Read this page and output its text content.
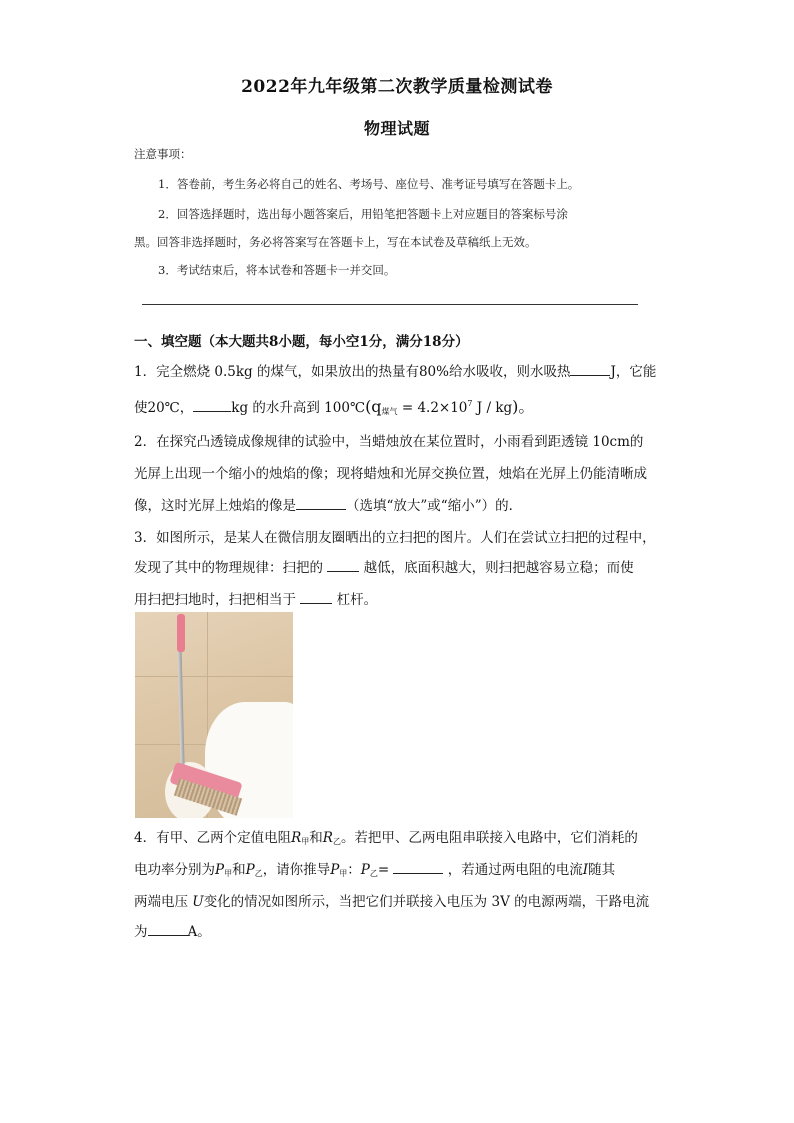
2022年九年级第二次教学质量检测试卷
物理试题
注意事项：
1．答卷前，考生务必将自己的姓名、考场号、座位号、准考证号填写在答题卡上。
2．回答选择题时，选出每小题答案后，用铅笔把答题卡上对应题目的答案标号涂
黑。回答非选择题时，务必将答案写在答题卡上，写在本试卷及草稿纸上无效。
3．考试结束后，将本试卷和答题卡一并交回。
一、填空题（本大题共8小题，每小空1分，满分18分）
1．完全燃烧 0.5kg 的煤气，如果放出的热量有80%给水吸收，则水吸热	J，它能
使20℃，	kg 的水升高到 $100℃(q_{煤气} = 4.2\times 10^7$ J / kg)。
2．在探究凸透镜成像规律的试验中，当蜡烛放在某位置时，小雨看到距透镜 10cm的
光屏上出现一个缩小的烛焰的像；现将蜡烛和光屏交换位置，烛焰在光屏上仍能清晰成
像，这时光屏上烛焰的像是	（选填“放大”或“缩小”）的．
3．如图所示，是某人在微信朋友圈晒出的立扫把的图片。人们在尝试立扫把的过程中，
发现了其中的物理规律：扫把的	越低，底面积越大，则扫把越容易立稳；而使
用扫把扫地时，扫把相当于	杠杆。
4．有甲、乙两个定值电阻$R_甲$和$R_乙$。若把甲、乙两电阻串联接入电路中，它们消耗的
电功率分别为$P_甲$和$P_乙$，请你推导$P_甲$：$P_乙=$	，若通过两电阻的电流I随其
两端电压 U变化的情况如图所示，当把它们并联接入电压为 3V 的电源两端，干路电流
为	A。
